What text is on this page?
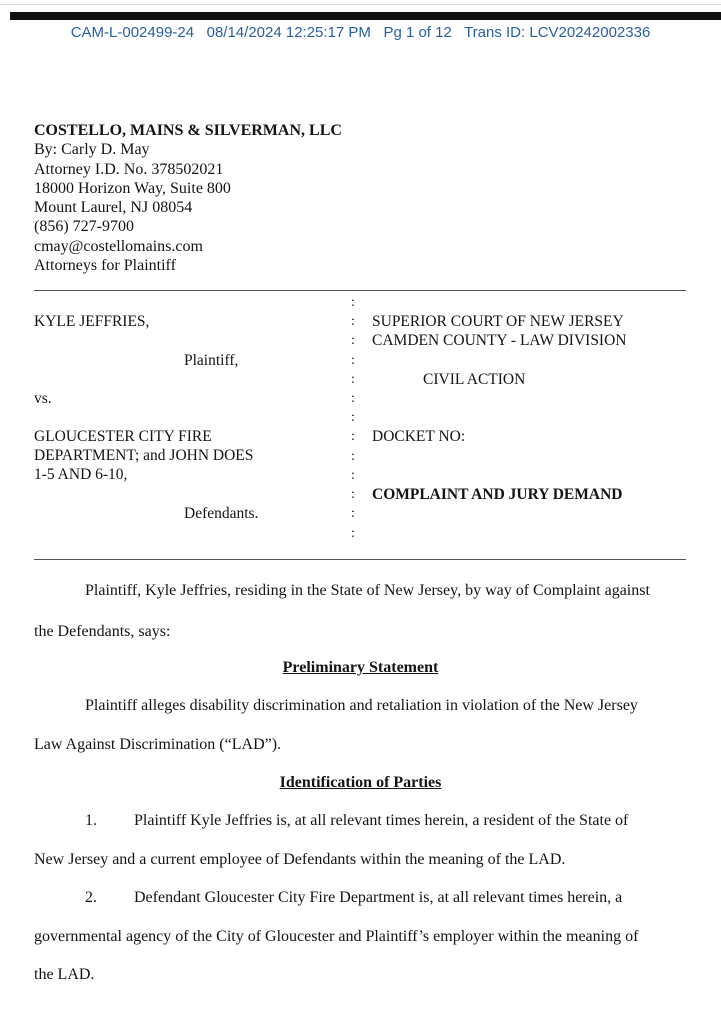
CAM-L-002499-24 08/14/2024 12:25:17 PM Pg 1 of 12 Trans ID: LCV20242002336
COSTELLO, MAINS & SILVERMAN, LLC
By: Carly D. May
Attorney I.D. No. 378502021
18000 Horizon Way, Suite 800
Mount Laurel, NJ 08054
(856) 727-9700
cmay@costellomains.com
Attorneys for Plaintiff
KYLE JEFFRIES,
Plaintiff,
vs.
GLOUCESTER CITY FIRE
DEPARTMENT; and JOHN DOES
1-5 AND 6-10,
Defendants.
:
:
:
:
:
:
:
:
:
:
:
:
:
SUPERIOR COURT OF NEW JERSEY
CAMDEN COUNTY - LAW DIVISION
CIVIL ACTION
DOCKET NO:
COMPLAINT AND JURY DEMAND
Plaintiff, Kyle Jeffries, residing in the State of New Jersey, by way of Complaint against
the Defendants, says:
Preliminary Statement
Plaintiff alleges disability discrimination and retaliation in violation of the New Jersey
Law Against Discrimination (“LAD”).
Identification of Parties
1. Plaintiff Kyle Jeffries is, at all relevant times herein, a resident of the State of
New Jersey and a current employee of Defendants within the meaning of the LAD.
2. Defendant Gloucester City Fire Department is, at all relevant times herein, a
governmental agency of the City of Gloucester and Plaintiff’s employer within the meaning of
the LAD.
